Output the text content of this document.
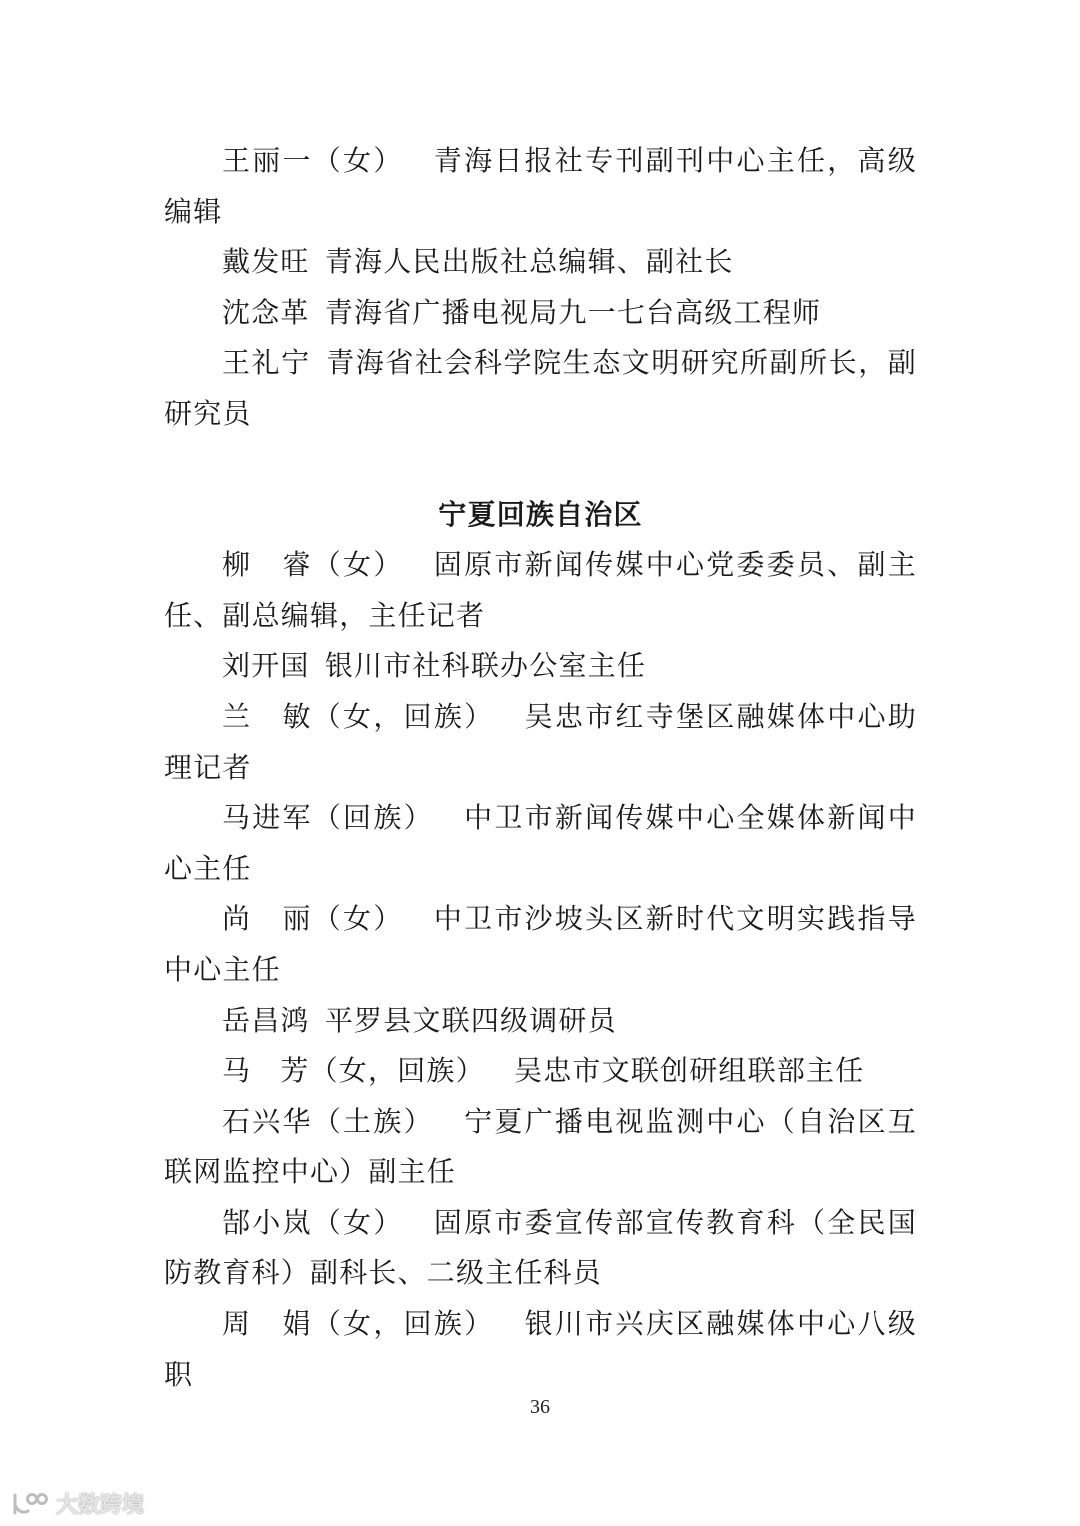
王丽一（女）  青海日报社专刊副刊中心主任，高级编辑

戴发旺  青海人民出版社总编辑、副社长

沈念革  青海省广播电视局九一七台高级工程师

王礼宁  青海省社会科学院生态文明研究所副所长，副研究员

宁夏回族自治区

柳　睿（女）  固原市新闻传媒中心党委委员、副主任、副总编辑，主任记者

刘开国  银川市社科联办公室主任

兰　敏（女，回族）  吴忠市红寺堡区融媒体中心助理记者

马进军（回族）  中卫市新闻传媒中心全媒体新闻中心主任

尚　丽（女）  中卫市沙坡头区新时代文明实践指导中心主任

岳昌鸿  平罗县文联四级调研员

马　芳（女，回族）  吴忠市文联创研组联部主任

石兴华（土族）  宁夏广播电视监测中心（自治区互联网监控中心）副主任

郜小岚（女）  固原市委宣传部宣传教育科（全民国防教育科）副科长、二级主任科员

周　娟（女，回族）  银川市兴庆区融媒体中心八级职

36
大数跨境
